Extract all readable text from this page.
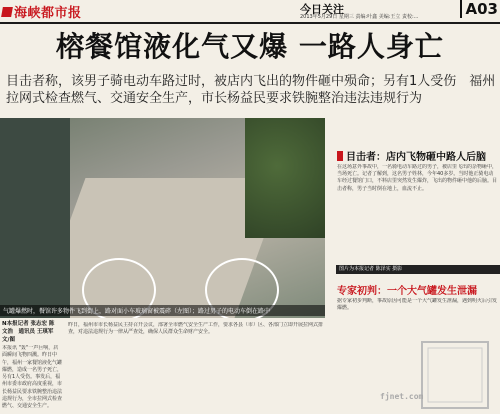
海峡都市报	今日关注
2013年5月29日 星期三 责编:叶鑫 美编:王立 责校:...	A03
榕餐馆液化气又爆 一路人身亡
目击者称，该男子骑电动车路过时，被店内飞出的物件砸中殒命；另有1人受伤　福州拉网式检查燃气、交通安全生产，市长杨益民要求铁腕整治违法违规行为
气罐爆燃时，餐馆许多物件飞到街上，路对面小车玻璃窗被震碎（左图）；路过男子的电动车倒在路中
目击者：店内飞物砸中路人后脑
在这场意外事故中，一名骑电动车路过的男子，被店里飞出的杂物砸中，当场死亡。记者了解到，这名男子姓林，今年40多岁。当时他正骑电动车经过餐馆门口，不料店里突然发生爆炸，飞出的物件砸中他的后脑。目击者称，男子当时倒在地上，血流不止。
图片为本报记者 陈泽实 摄影
专家初判：一个大气罐发生泄漏
据专家初步判断，事故原因可能是一个大气罐发生泄漏，遇到明火后引发爆燃。
N本报记者 张志宏 陈文浩　通讯员 王琪军 文/图
本报讯 "轰"一声巨响，店面瞬间飞物四溅。昨日中午，福州一家餐馆液化气罐爆燃，造成一名男子死亡，另有1人受伤。事发后，福州市委市政府高度重视，市长杨益民要求铁腕整治违法违规行为，全市拉网式检查燃气、交通安全生产。
昨日，福州市市长杨益民主持召开会议，部署全市燃气安全生产工作，要求各县（市）区、各部门立即开展拉网式排查，对违法违规行为一律从严查处，确保人民群众生命财产安全。
fjnet.com
